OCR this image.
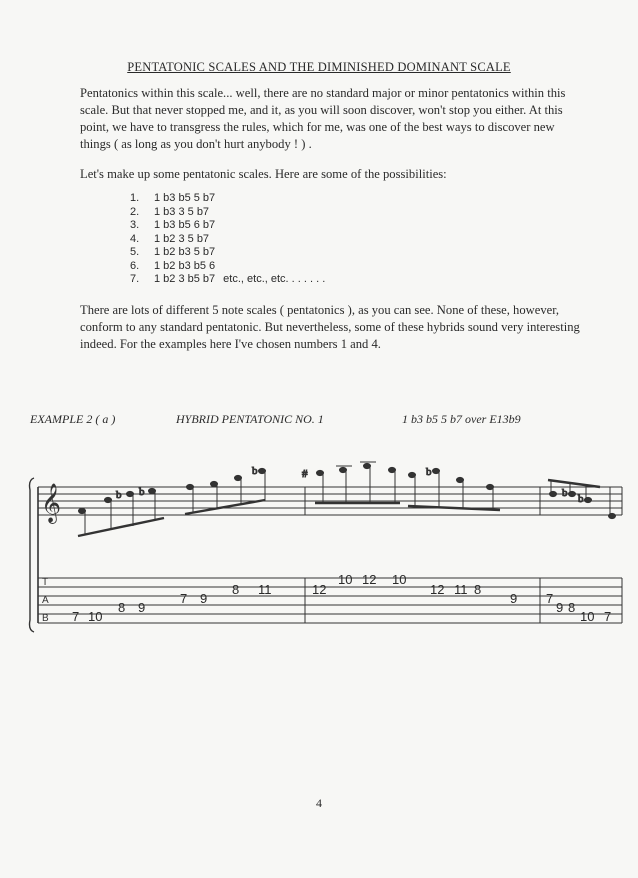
PENTATONIC SCALES AND THE DIMINISHED DOMINANT SCALE

Pentatonics within this scale... well, there are no standard major or minor pentatonics within this scale. But that never stopped me, and it, as you will soon discover, won't stop you either. At this point, we have to transgress the rules, which for me, was one of the best ways to discover new things ( as long as you don't hurt anybody ! ) .

Let's make up some pentatonic scales. Here are some of the possibilities:

1.	1 b3 b5 5 b7
2.	1 b3 3 5 b7
3.	1 b3 b5 6 b7
4.	1 b2 3 5 b7
5.	1 b2 b3 5 b7
6.	1 b2 b3 b5 6
7.	1 b2 3 b5 b7 etc., etc., etc. . . . . . .

There are lots of different 5 note scales ( pentatonics ), as you can see. None of these, however, conform to any standard pentatonic. But nevertheless, some of these hybrids sound very interesting indeed. For the examples here I've chosen numbers 1 and 4.

EXAMPLE 2 ( a )	HYBRID PENTATONIC NO. 1	1 b3 b5 5 b7 over E13b9
𝄞	b b
b	b
#
b b
T
A
B 7 10
8 9
7 9
8 11	12
10 12 10
12 11 8
9 7
9 8
10 7
4
